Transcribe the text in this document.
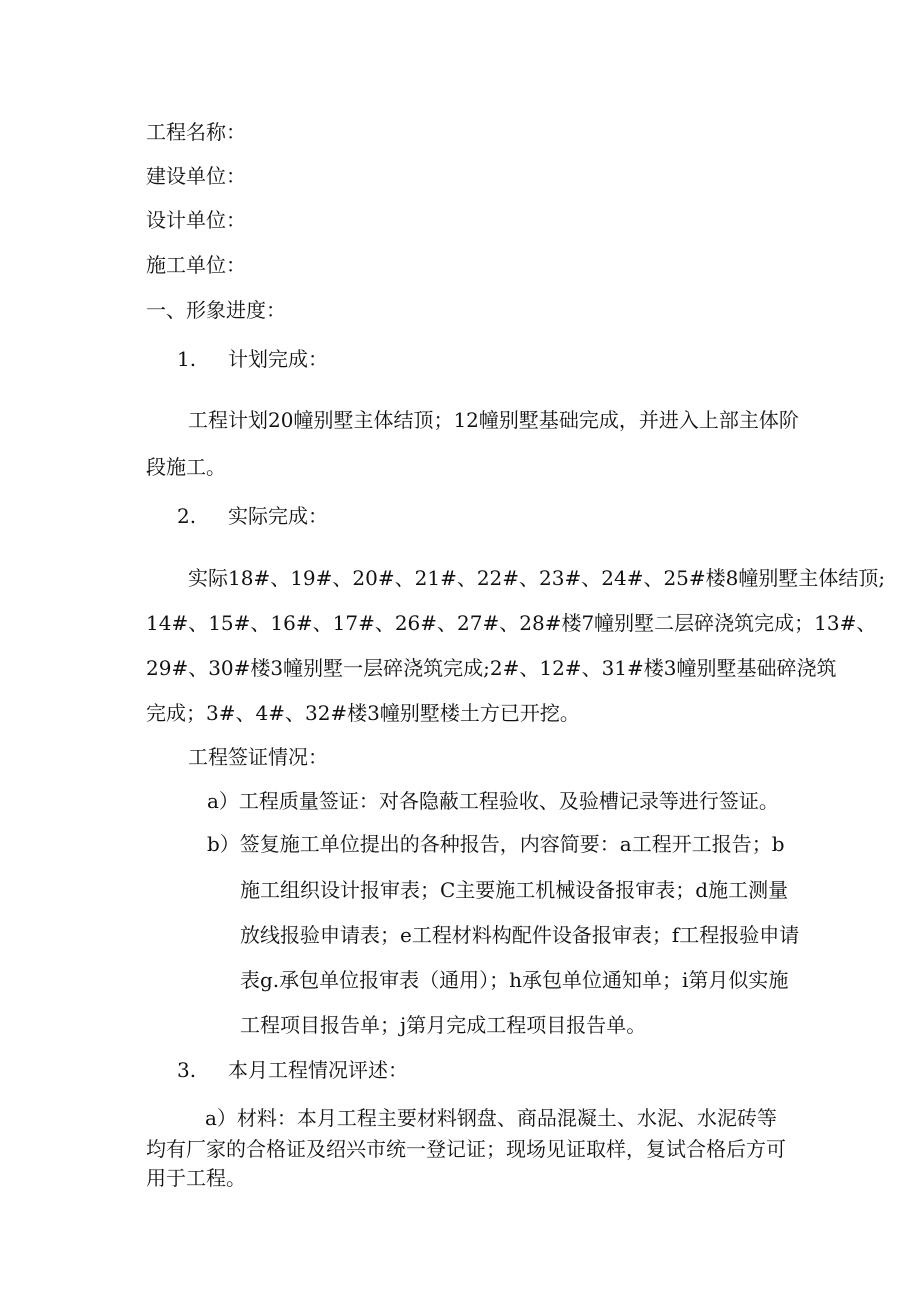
工程名称：
建设单位：
设计单位：
施工单位：
一、形象进度：
1. 计划完成：
工程计划20幢别墅主体结顶；12幢别墅基础完成，并进入上部主体阶
段施工。
2. 实际完成：
实际18#、19#、20#、21#、22#、23#、24#、25#楼8幢别墅主体结顶;
14#、15#、16#、17#、26#、27#、28#楼7幢别墅二层碎浇筑完成；13#、
29#、30#楼3幢别墅一层碎浇筑完成;2#、12#、31#楼3幢别墅基础碎浇筑
完成；3#、4#、32#楼3幢别墅楼土方已开挖。
工程签证情况：
a）工程质量签证：对各隐蔽工程验收、及验槽记录等进行签证。
b）签复施工单位提出的各种报告，内容简要：a工程开工报告；b
施工组织设计报审表；C主要施工机械设备报审表；d施工测量
放线报验申请表；e工程材料构配件设备报审表；f工程报验申请
表g.承包单位报审表（通用）；h承包单位通知单；i第月似实施
工程项目报告单；j第月完成工程项目报告单。
3. 本月工程情况评述：
a）材料：本月工程主要材料钢盘、商品混凝土、水泥、水泥砖等
均有厂家的合格证及绍兴市统一登记证；现场见证取样，复试合格后方可
用于工程。
